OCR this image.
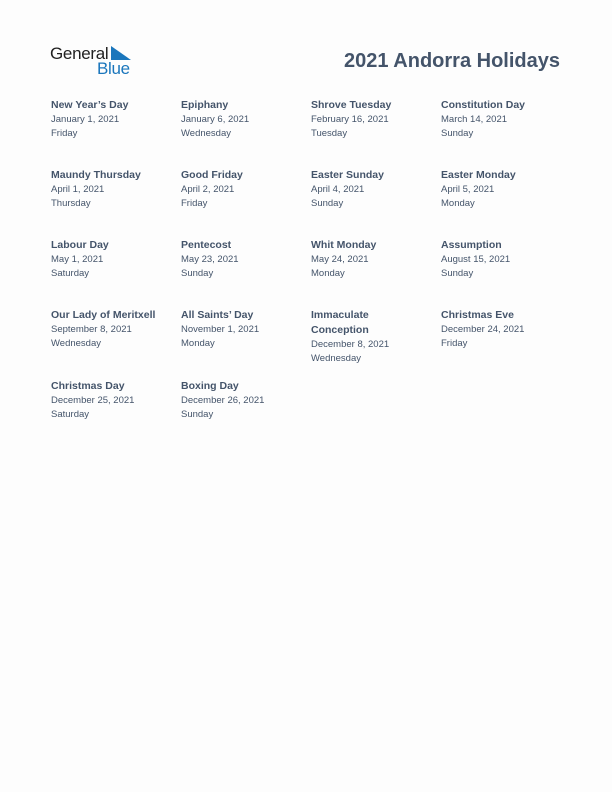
General
Blue	2021 Andorra Holidays
New Year’s Day
January 1, 2021
Friday
Epiphany
January 6, 2021
Wednesday
Shrove Tuesday
February 16, 2021
Tuesday
Constitution Day
March 14, 2021
Sunday
Maundy Thursday
April 1, 2021
Thursday
Good Friday
April 2, 2021
Friday
Easter Sunday
April 4, 2021
Sunday
Easter Monday
April 5, 2021
Monday
Labour Day
May 1, 2021
Saturday
Pentecost
May 23, 2021
Sunday
Whit Monday
May 24, 2021
Monday
Assumption
August 15, 2021
Sunday
Our Lady of Meritxell
September 8, 2021
Wednesday
All Saints’ Day
November 1, 2021
Monday
Immaculate Conception
December 8, 2021
Wednesday
Christmas Eve
December 24, 2021
Friday
Christmas Day
December 25, 2021
Saturday
Boxing Day
December 26, 2021
Sunday
